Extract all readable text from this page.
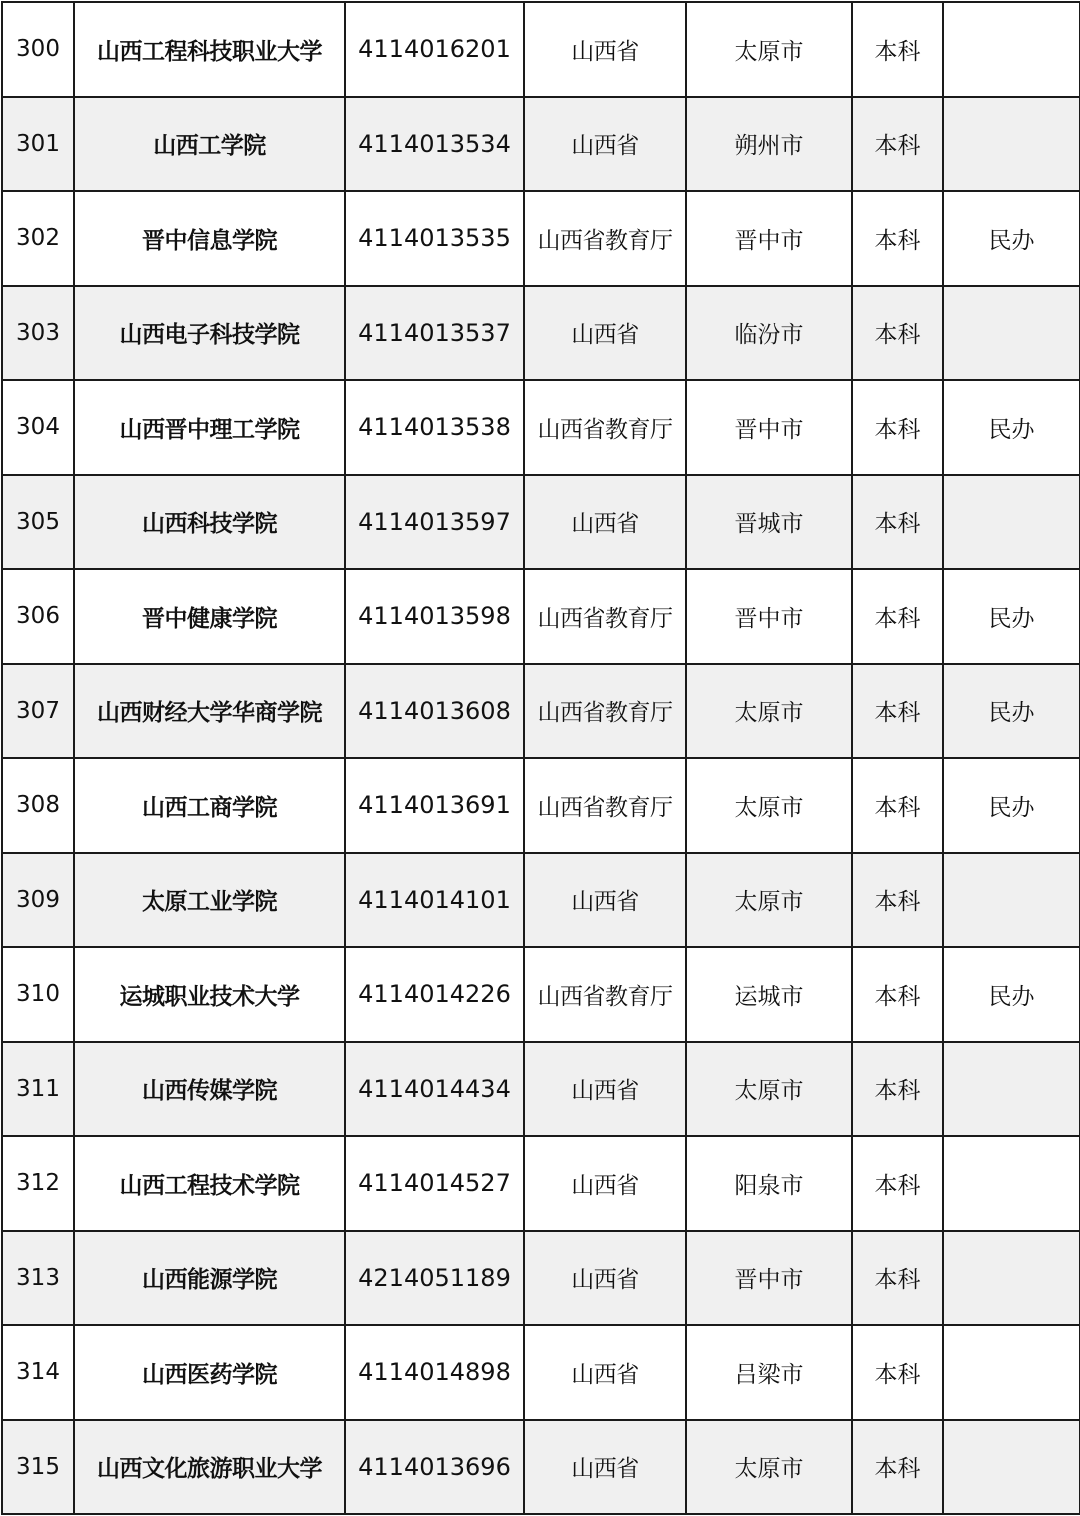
300	山西工程科技职业大学	4114016201	山西省	太原市	本科	
301	山西工学院	4114013534	山西省	朔州市	本科	
302	晋中信息学院	4114013535	山西省教育厅	晋中市	本科	民办
303	山西电子科技学院	4114013537	山西省	临汾市	本科	
304	山西晋中理工学院	4114013538	山西省教育厅	晋中市	本科	民办
305	山西科技学院	4114013597	山西省	晋城市	本科	
306	晋中健康学院	4114013598	山西省教育厅	晋中市	本科	民办
307	山西财经大学华商学院	4114013608	山西省教育厅	太原市	本科	民办
308	山西工商学院	4114013691	山西省教育厅	太原市	本科	民办
309	太原工业学院	4114014101	山西省	太原市	本科	
310	运城职业技术大学	4114014226	山西省教育厅	运城市	本科	民办
311	山西传媒学院	4114014434	山西省	太原市	本科	
312	山西工程技术学院	4114014527	山西省	阳泉市	本科	
313	山西能源学院	4214051189	山西省	晋中市	本科	
314	山西医药学院	4114014898	山西省	吕梁市	本科	
315	山西文化旅游职业大学	4114013696	山西省	太原市	本科	
